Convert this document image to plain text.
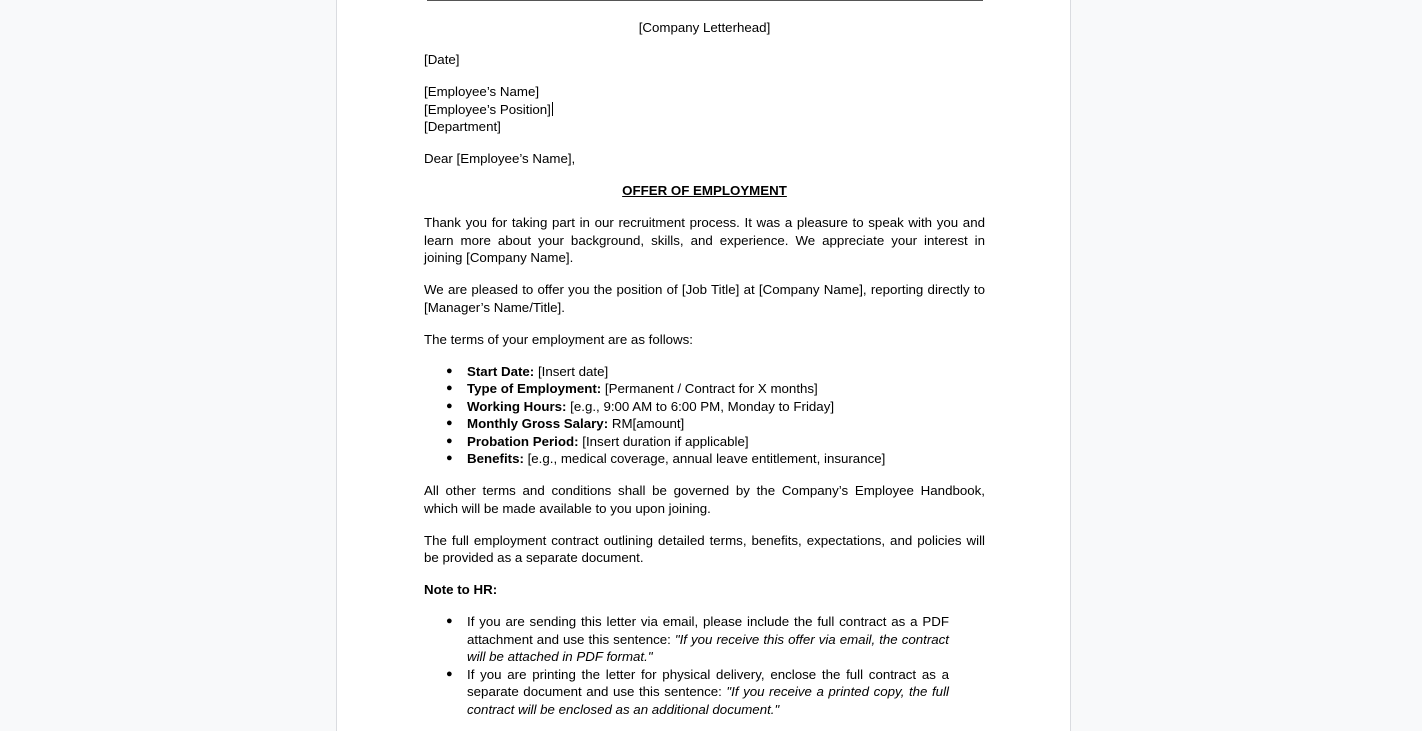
[Company Letterhead]

[Date]

[Employee’s Name]
[Employee’s Position]
[Department]

Dear [Employee’s Name],

OFFER OF EMPLOYMENT

Thank you for taking part in our recruitment process. It was a pleasure to speak with you and learn more about your background, skills, and experience. We appreciate your interest in joining [Company Name].

We are pleased to offer you the position of [Job Title] at [Company Name], reporting directly to [Manager’s Name/Title].

The terms of your employment are as follows:

● Start Date: [Insert date]
● Type of Employment: [Permanent / Contract for X months]
● Working Hours: [e.g., 9:00 AM to 6:00 PM, Monday to Friday]
● Monthly Gross Salary: RM[amount]
● Probation Period: [Insert duration if applicable]
● Benefits: [e.g., medical coverage, annual leave entitlement, insurance]

All other terms and conditions shall be governed by the Company’s Employee Handbook, which will be made available to you upon joining.

The full employment contract outlining detailed terms, benefits, expectations, and policies will be provided as a separate document.

Note to HR:

● If you are sending this letter via email, please include the full contract as a PDF attachment and use this sentence: "If you receive this offer via email, the contract will be attached in PDF format."
● If you are printing the letter for physical delivery, enclose the full contract as a separate document and use this sentence: "If you receive a printed copy, the full contract will be enclosed as an additional document."
